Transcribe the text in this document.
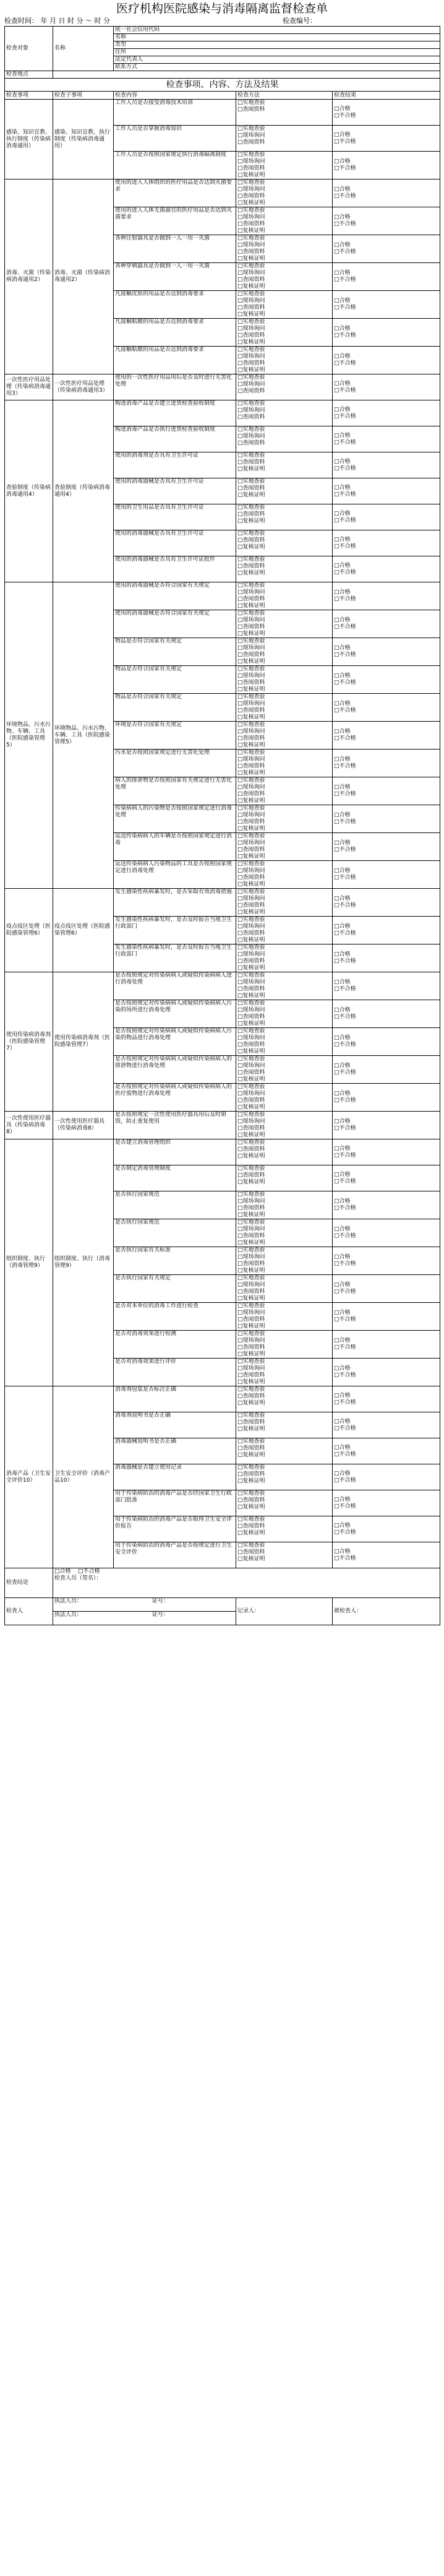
医疗机构医院感染与消毒隔离监督检查单
检查时间： 年 月 日 时 分 ～ 时 分	检查编号：
检查对象	名称	统一社会信用代码		
		名称		
		类型		
		住所		
		法定代表人		
		联系方式		
检查地点				
检查事项、内容、方法及结果				
检查事项	检查子事项	检查内容	检查方法	检查结果
感染、知识宣教、执行制度（传染病消毒通用）	感染、知识宣教、执行制度（传染病消毒通用）	工作人员是否接受消毒技术培训	□实地查验
□查阅资料	□合格
□不合格

		工作人员是否掌握消毒知识	□实地查验
□现场询问
□查阅资料	□合格
□不合格

		工作人员是否按照国家规定执行消毒隔离制度	□实地查验
□现场询问
□查阅资料
□复核证明	□合格
□不合格

消毒、灭菌（传染病消毒通用2）	消毒、灭菌（传染病消毒通用2）	使用的进入人体组织的医疗用品是否达到灭菌要求	□实地查验
□现场询问
□查阅资料
□复核证明	□合格
□不合格

		使用的进入人体无菌器官的医疗用品是否达到灭菌要求	□实地查验
□现场询问
□查阅资料
□复核证明	□合格
□不合格

		各种注射器具是否做到一人一用一灭菌	□实地查验
□现场询问
□查阅资料
□复核证明	□合格
□不合格

		各种穿刺器具是否做到一人一用一灭菌	□实地查验
□现场询问
□查阅资料
□复核证明	□合格
□不合格

		凡接触皮肤的用品是否达到消毒要求	□实地查验
□现场询问
□查阅资料
□复核证明	□合格
□不合格

		凡接触粘膜的用品是否达到消毒要求	□实地查验
□现场询问
□查阅资料
□复核证明	□合格
□不合格

		凡接触粘膜的用品是否达到消毒要求	□实地查验
□现场询问
□查阅资料
□复核证明	□合格
□不合格

一次性医疗用品处理（传染病消毒通用3）	一次性医疗用品处理（传染病消毒通用3）	使用的一次性医疗用品用后是否及时进行无害化处理	□实地查验
□现场询问
□查阅资料	□合格
□不合格

查验制度（传染病消毒通用4）	查验制度（传染病消毒通用4）	购进消毒产品是否建立进货检查验收制度	□实地查验
□现场询问
□查阅资料	□合格
□不合格

		购进消毒产品是否执行进货检查验收制度	□实地查验
□现场询问
□查阅资料	□合格
□不合格

		使用的消毒剂是否具有卫生许可证	□实地查验
□查阅资料
□复核证明	□合格
□不合格

		使用的消毒器械是否具有卫生许可证	□实地查验
□查阅资料
□复核证明	□合格
□不合格

		使用的卫生用品是否具有卫生许可证	□实地查验
□查阅资料
□复核证明	□合格
□不合格

		使用的消毒器械是否具有卫生许可证	□实地查验
□查阅资料
□复核证明	□合格
□不合格

		使用的消毒器械是否具有卫生许可证批件	□实地查验
□查阅资料
□复核证明	□合格
□不合格

环境物品、污水污物、车辆、工具（医院感染管理5）	环境物品、污水污物、车辆、工具（医院感染管理5）	使用的消毒器械是否符合国家有关规定	□实地查验
□现场询问
□查阅资料
□复核证明	□合格
□不合格

		使用的消毒器械是否符合国家有关规定	□实地查验
□现场询问
□查阅资料
□复核证明	□合格
□不合格

		物品是否符合国家有关规定	□实地查验
□现场询问
□查阅资料
□复核证明	□合格
□不合格

		物品是否符合国家有关规定	□实地查验
□现场询问
□查阅资料
□复核证明	□合格
□不合格

		物品是否符合国家有关规定	□实地查验
□现场询问
□查阅资料
□复核证明	□合格
□不合格

		环境是否符合国家有关规定	□实地查验
□现场询问
□查阅资料
□复核证明	□合格
□不合格

		污水是否按照国家规定进行无害化处理	□实地查验
□现场询问
□查阅资料
□复核证明	□合格
□不合格

		病人的排泄物是否按照国家有关规定进行无害化处理	□实地查验
□现场询问
□查阅资料
□复核证明	□合格
□不合格

		传染病病人的污染物是否按照国家规定进行消毒处理	□实地查验
□现场询问
□查阅资料
□复核证明	□合格
□不合格

		运送传染病病人的车辆是否按照国家规定进行消毒	□实地查验
□现场询问
□查阅资料
□复核证明	□合格
□不合格

		运送传染病病人污染物品的工具是否按照国家规定进行消毒处理	□实地查验
□现场询问
□查阅资料
□复核证明	□合格
□不合格

疫点疫区处理（医院感染管理6）	疫点疫区处理（医院感染管理6）	发生感染性疾病暴发时，是否采取有效消毒措施	□实地查验
□现场询问
□查阅资料
□复核证明	□合格
□不合格

		发生感染性疾病暴发时，是否及时报告当地卫生行政部门	□实地查验
□现场询问
□查阅资料
□复核证明	□合格
□不合格

		发生感染性疾病暴发时，是否及时报告当地卫生行政部门	□实地查验
□现场询问
□查阅资料
□复核证明	□合格
□不合格

使用传染病消毒剂（医院感染管理7）	使用传染病消毒剂（医院感染管理7）	是否按照规定对传染病病人或疑似传染病病人进行消毒处理	□实地查验
□现场询问
□查阅资料
□复核证明	□合格
□不合格

		是否按照规定对传染病病人或疑似传染病病人污染的场所进行消毒处理	□实地查验
□现场询问
□查阅资料
□复核证明	□合格
□不合格

		是否按照规定对传染病病人或疑似传染病病人污染的物品进行消毒处理	□实地查验
□现场询问
□查阅资料
□复核证明	□合格
□不合格

		是否按照规定对传染病病人或疑似传染病病人的排泄物进行消毒处理	□实地查验
□现场询问
□查阅资料
□复核证明	□合格
□不合格

		是否按照规定对传染病病人或疑似传染病病人的医疗废物进行消毒处理	□实地查验
□现场询问
□查阅资料
□复核证明	□合格
□不合格

一次性使用医疗器具（传染病消毒8）	一次性使用医疗器具（传染病消毒8）	是否按照规定一次性使用医疗器具用后及时销毁，防止重复使用	□实地查验
□现场询问
□查阅资料
□复核证明	□合格
□不合格

组织制度、执行（消毒管理9）	组织制度、执行（消毒管理9）	是否建立消毒管理组织	□实地查验
□查阅资料
□复核证明	□合格
□不合格

		是否制定消毒管理制度	□实地查验
□查阅资料
□复核证明	□合格
□不合格

		是否执行国家规范	□实地查验
□现场询问
□查阅资料
□复核证明	□合格
□不合格

		是否执行国家规范	□实地查验
□现场询问
□查阅资料
□复核证明	□合格
□不合格

		是否执行国家有关标准	□实地查验
□现场询问
□查阅资料
□复核证明	□合格
□不合格

		是否执行国家有关规定	□实地查验
□现场询问
□查阅资料
□复核证明	□合格
□不合格

		是否对本单位的消毒工作进行检查	□实地查验
□现场询问
□查阅资料
□复核证明	□合格
□不合格

		是否对消毒效果进行检测	□实地查验
□现场询问
□查阅资料
□复核证明	□合格
□不合格

		是否对消毒效果进行评价	□实地查验
□现场询问
□查阅资料
□复核证明	□合格
□不合格

消毒产品（卫生安全评价10）	卫生安全评价（消毒产品10）	消毒剂包装是否标注正确	□实地查验
□查阅资料
□复核证明	□合格
□不合格

		消毒剂说明书是否正确	□实地查验
□查阅资料
□复核证明	□合格
□不合格

		消毒器械说明书是否正确	□实地查验
□查阅资料
□复核证明	□合格
□不合格

		消毒器械是否建立使用记录	□实地查验
□查阅资料
□复核证明	□合格
□不合格

		用于传染病防治的消毒产品是否经国家卫生行政部门批准	□实地查验
□查阅资料
□复核证明	□合格
□不合格

		用于传染病防治的消毒产品是否取得卫生安全评价报告	□实地查验
□查阅资料
□复核证明	□合格
□不合格

		用于传染病防治的消毒产品是否按规定进行卫生安全评价	□实地查验
□查阅资料
□复核证明	□合格
□不合格

检查结论	□合格 □不合格
检查人员（签名）：			
检查人	执法人员： 证号：		记录人：	被检查人：
	执法人员： 证号：			
